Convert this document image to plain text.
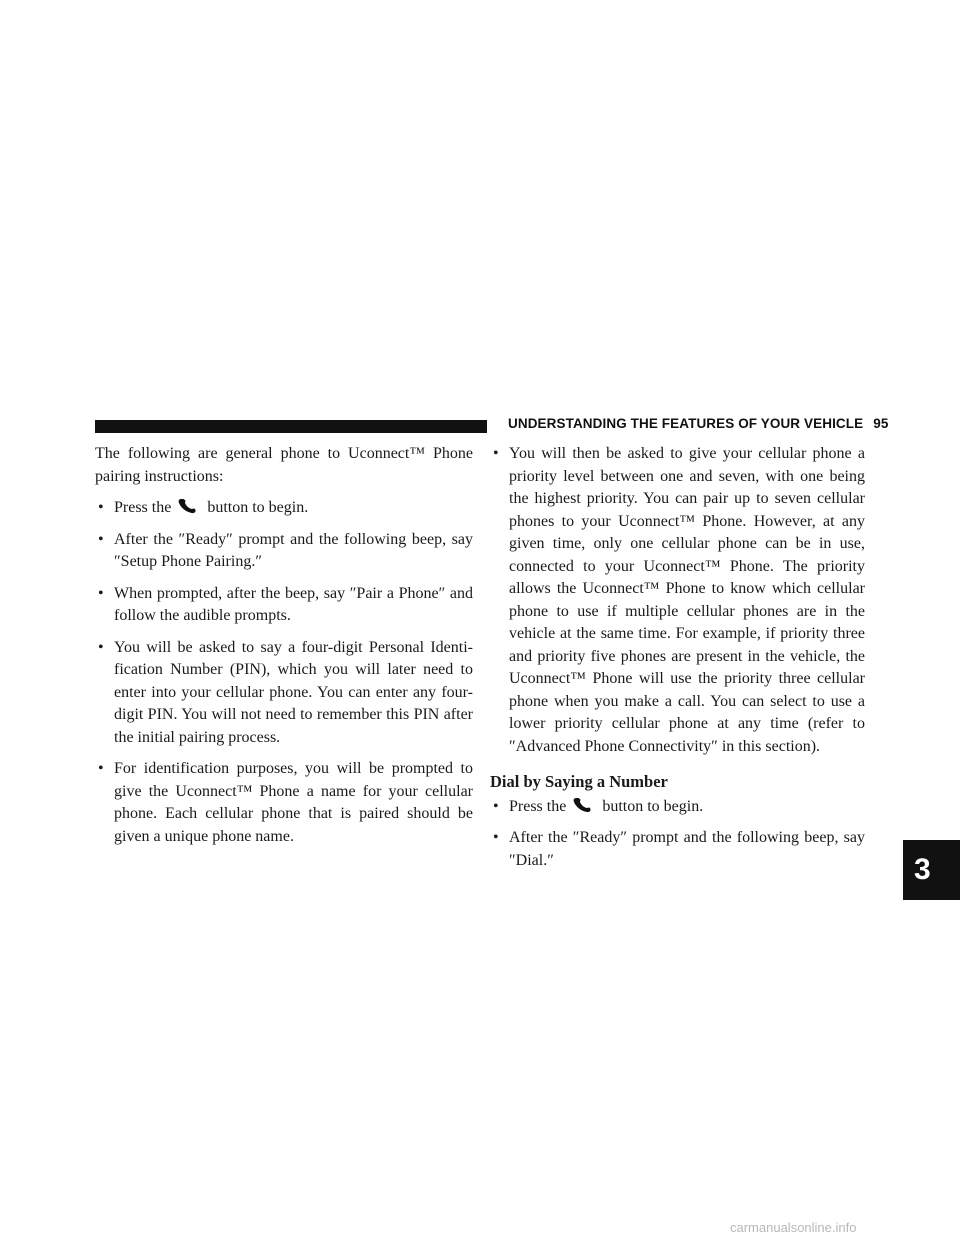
UNDERSTANDING THE FEATURES OF YOUR VEHICLE 95
3

The following are general phone to Uconnect™ Phone pairing instructions:

• Press the button to begin.
• After the ″Ready″ prompt and the following beep, say ″Setup Phone Pairing.″
• When prompted, after the beep, say ″Pair a Phone″ and follow the audible prompts.
• You will be asked to say a four-digit Personal Identi-fication Number (PIN), which you will later need to enter into your cellular phone. You can enter any four-digit PIN. You will not need to remember this PIN after the initial pairing process.
• For identification purposes, you will be prompted to give the Uconnect™ Phone a name for your cellular phone. Each cellular phone that is paired should be given a unique phone name.
• You will then be asked to give your cellular phone a priority level between one and seven, with one being the highest priority. You can pair up to seven cellular phones to your Uconnect™ Phone. However, at any given time, only one cellular phone can be in use, connected to your Uconnect™ Phone. The priority allows the Uconnect™ Phone to know which cellular phone to use if multiple cellular phones are in the vehicle at the same time. For example, if priority three and priority five phones are present in the vehicle, the Uconnect™ Phone will use the priority three cellular phone when you make a call. You can select to use a lower priority cellular phone at any time (refer to ″Advanced Phone Connectivity″ in this section).
Dial by Saying a Number
• Press the button to begin.
• After the ″Ready″ prompt and the following beep, say ″Dial.″
carmanualsonline.info
